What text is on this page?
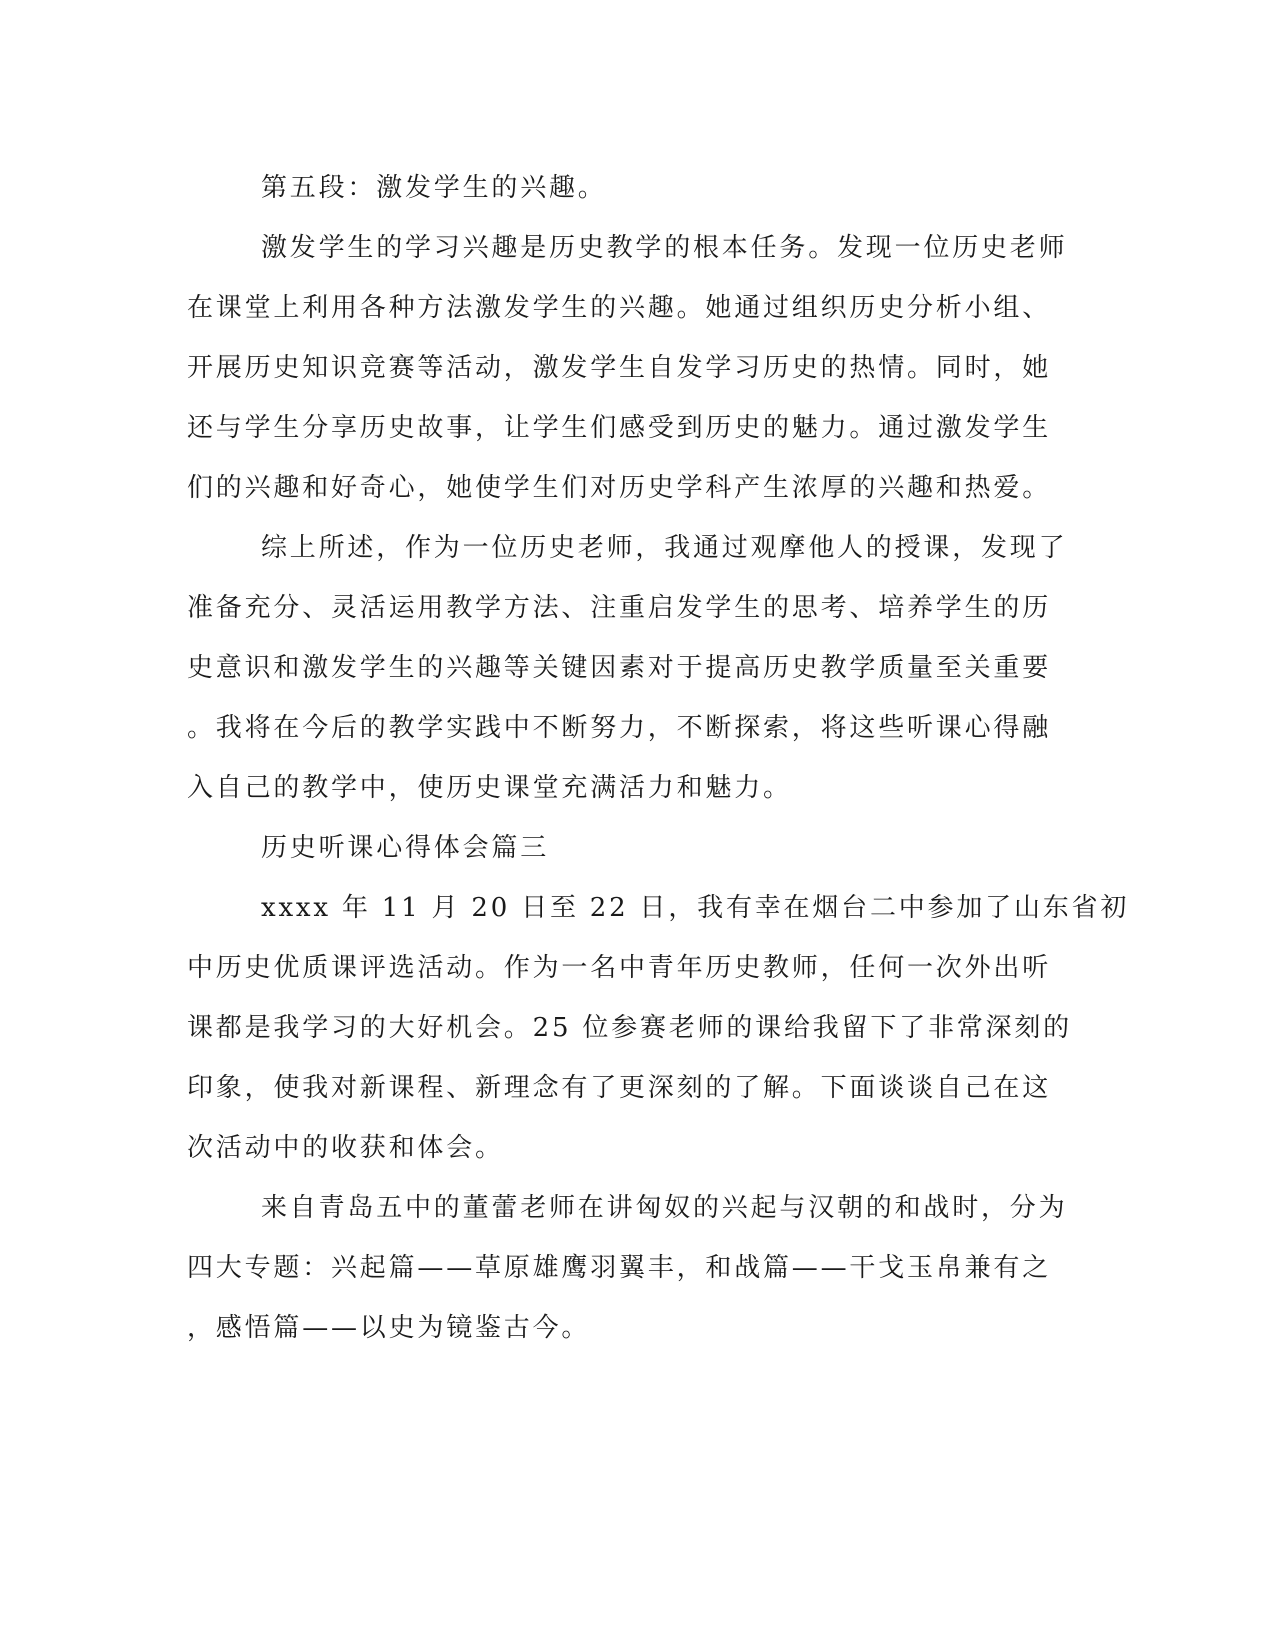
第五段：激发学生的兴趣。
激发学生的学习兴趣是历史教学的根本任务。发现一位历史老师
在课堂上利用各种方法激发学生的兴趣。她通过组织历史分析小组、
开展历史知识竞赛等活动，激发学生自发学习历史的热情。同时，她
还与学生分享历史故事，让学生们感受到历史的魅力。通过激发学生
们的兴趣和好奇心，她使学生们对历史学科产生浓厚的兴趣和热爱。
综上所述，作为一位历史老师，我通过观摩他人的授课，发现了
准备充分、灵活运用教学方法、注重启发学生的思考、培养学生的历
史意识和激发学生的兴趣等关键因素对于提高历史教学质量至关重要
。我将在今后的教学实践中不断努力，不断探索，将这些听课心得融
入自己的教学中，使历史课堂充满活力和魅力。
历史听课心得体会篇三
xxxx 年 11 月 20 日至 22 日，我有幸在烟台二中参加了山东省初
中历史优质课评选活动。作为一名中青年历史教师，任何一次外出听
课都是我学习的大好机会。25 位参赛老师的课给我留下了非常深刻的
印象，使我对新课程、新理念有了更深刻的了解。下面谈谈自己在这
次活动中的收获和体会。
来自青岛五中的董蕾老师在讲匈奴的兴起与汉朝的和战时，分为
四大专题：兴起篇——草原雄鹰羽翼丰，和战篇——干戈玉帛兼有之
，感悟篇——以史为镜鉴古今。
